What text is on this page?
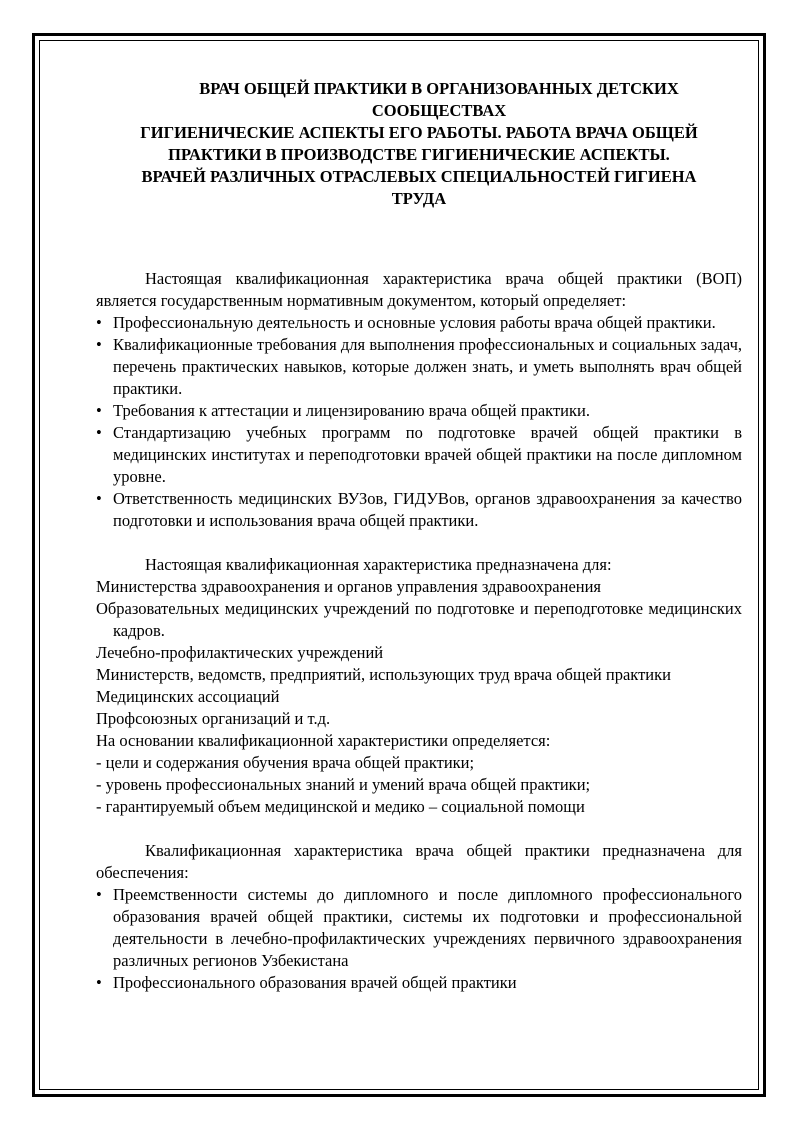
ВРАЧ ОБЩЕЙ ПРАКТИКИ В ОРГАНИЗОВАННЫХ ДЕТСКИХ СООБЩЕСТВАХ

ГИГИЕНИЧЕСКИЕ АСПЕКТЫ ЕГО РАБОТЫ. РАБОТА ВРАЧА ОБЩЕЙ ПРАКТИКИ В ПРОИЗВОДСТВЕ ГИГИЕНИЧЕСКИЕ АСПЕКТЫ. ВРАЧЕЙ РАЗЛИЧНЫХ ОТРАСЛЕВЫХ СПЕЦИАЛЬНОСТЕЙ ГИГИЕНА ТРУДА

Настоящая квалификационная характеристика врача общей практики (ВОП) является государственным нормативным документом, который определяет:

• Профессиональную деятельность и основные условия работы врача общей практики.
• Квалификационные требования для выполнения профессиональных и социальных задач, перечень практических навыков, которые должен знать, и уметь выполнять врач общей практики.
• Требования к аттестации и лицензированию врача общей практики.
• Стандартизацию учебных программ по подготовке врачей общей практики в медицинских институтах и переподготовки врачей общей практики на после дипломном уровне.
• Ответственность медицинских ВУЗов, ГИДУВов, органов здравоохранения за качество подготовки и использования врача общей практики.

Настоящая квалификационная характеристика предназначена для:

Министерства здравоохранения и органов управления здравоохранения

Образовательных медицинских учреждений по подготовке и переподготовке медицинских кадров.

Лечебно-профилактических учреждений

Министерств, ведомств, предприятий, использующих труд врача общей практики

Медицинских ассоциаций

Профсоюзных организаций и т.д.

На основании квалификационной характеристики определяется:

- цели и содержания обучения врача общей практики;

- уровень профессиональных знаний и умений врача общей практики;

- гарантируемый объем медицинской и медико – социальной помощи

Квалификационная характеристика врача общей практики предназначена для обеспечения:

• Преемственности системы до дипломного и после дипломного профессионального образования врачей общей практики, системы их подготовки и профессиональной деятельности в лечебно-профилактических учреждениях первичного здравоохранения различных регионов Узбекистана
• Профессионального образования врачей общей практики
